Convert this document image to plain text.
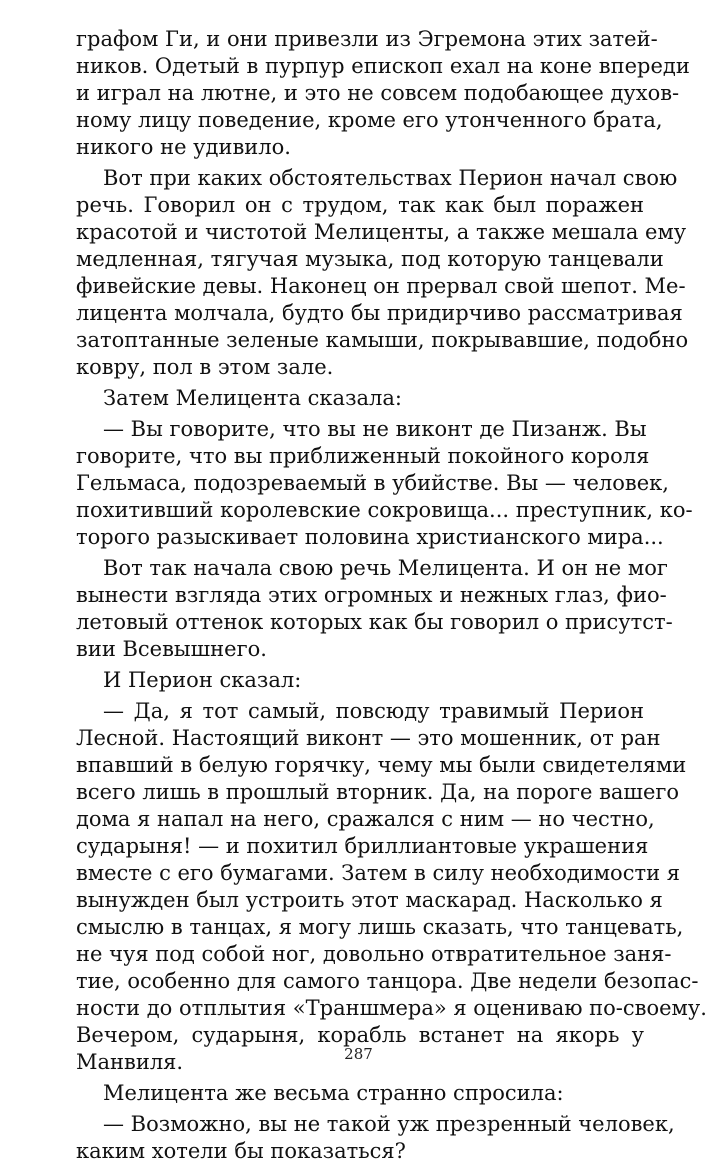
графом Ги, и они привезли из Эгремона этих затей-
ников. Одетый в пурпур епископ ехал на коне впереди
и играл на лютне, и это не совсем подобающее духов-
ному лицу поведение, кроме его утонченного брата,
никого не удивило.
Вот при каких обстоятельствах Перион начал свою
речь. Говорил он с трудом, так как был поражен
красотой и чистотой Мелиценты, а также мешала ему
медленная, тягучая музыка, под которую танцевали
фивейские девы. Наконец он прервал свой шепот. Ме-
лицента молчала, будто бы придирчиво рассматривая
затоптанные зеленые камыши, покрывавшие, подобно
ковру, пол в этом зале.
Затем Мелицента сказала:
— Вы говорите, что вы не виконт де Пизанж. Вы
говорите, что вы приближенный покойного короля
Гельмаса, подозреваемый в убийстве. Вы — человек,
похитивший королевские сокровища... преступник, ко-
торого разыскивает половина христианского мира...
Вот так начала свою речь Мелицента. И он не мог
вынести взгляда этих огромных и нежных глаз, фио-
летовый оттенок которых как бы говорил о присутст-
вии Всевышнего.
И Перион сказал:
— Да, я тот самый, повсюду травимый Перион
Лесной. Настоящий виконт — это мошенник, от ран
впавший в белую горячку, чему мы были свидетелями
всего лишь в прошлый вторник. Да, на пороге вашего
дома я напал на него, сражался с ним — но честно,
сударыня! — и похитил бриллиантовые украшения
вместе с его бумагами. Затем в силу необходимости я
вынужден был устроить этот маскарад. Насколько я
смыслю в танцах, я могу лишь сказать, что танцевать,
не чуя под собой ног, довольно отвратительное заня-
тие, особенно для самого танцора. Две недели безопас-
ности до отплытия «Траншмера» я оцениваю по-своему.
Вечером, сударыня, корабль встанет на якорь у
Манвиля.
Мелицента же весьма странно спросила:
— Возможно, вы не такой уж презренный человек,
каким хотели бы показаться?
287
